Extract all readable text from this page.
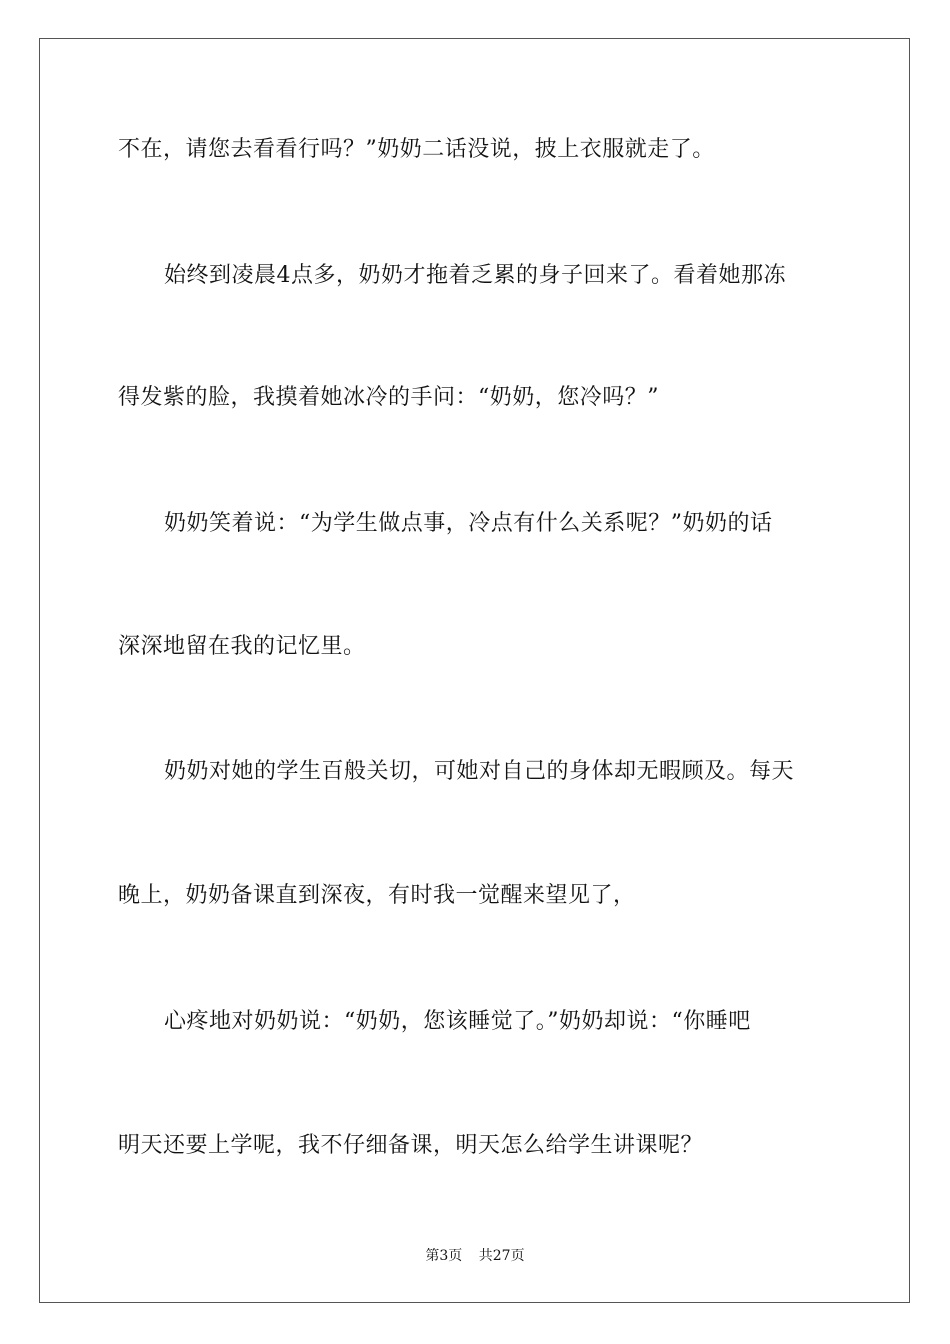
不在，请您去看看行吗？”奶奶二话没说，披上衣服就走了。
始终到凌晨4点多，奶奶才拖着乏累的身子回来了。看着她那冻
得发紫的脸，我摸着她冰冷的手问：“奶奶，您冷吗？”
奶奶笑着说：“为学生做点事，冷点有什么关系呢？”奶奶的话
深深地留在我的记忆里。
奶奶对她的学生百般关切，可她对自己的身体却无暇顾及。每天
晚上，奶奶备课直到深夜，有时我一觉醒来望见了，
心疼地对奶奶说：“奶奶，您该睡觉了。”奶奶却说：“你睡吧
明天还要上学呢，我不仔细备课，明天怎么给学生讲课呢？
第3页 共27页
